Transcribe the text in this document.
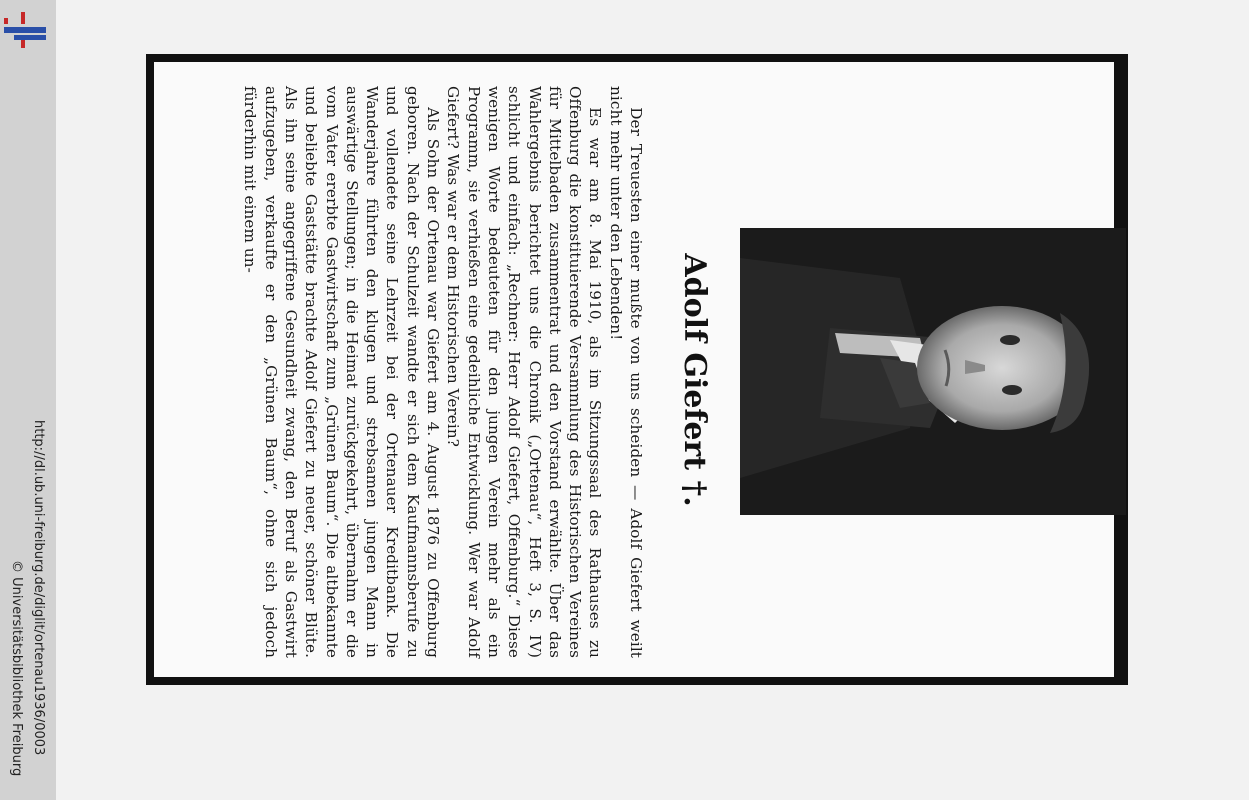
http://dl.ub.uni-freiburg.de/diglit/ortenau1936/0003
© Universitätsbibliothek Freiburg

Der Treuesten einer mußte von uns scheiden — Adolf Giefert weilt nicht mehr unter den Lebenden!

Es war am 8. Mai 1910, als im Sitzungssaal des Rathauses zu Offenburg die konstituierende Versammlung des Historischen Vereines für Mittelbaden zusammentrat und den Vorstand erwählte. Über das Wahlergebnis berichtet uns die Chronik („Ortenau“, Heft 3, S. IV) schlicht und einfach: „Rechner: Herr Adolf Giefert, Offenburg.“ Diese wenigen Worte bedeuteten für den jungen Verein mehr als ein Programm, sie verhießen eine gedeihliche Entwicklung. Wer war Adolf Giefert? Was war er dem Historischen Verein?

Als Sohn der Ortenau war Giefert am 4. August 1876 zu Offenburg geboren. Nach der Schulzeit wandte er sich dem Kaufmannsberufe zu und vollendete seine Lehrzeit bei der Ortenauer Kreditbank. Die Wanderjahre führten den klugen und strebsamen jungen Mann in auswärtige Stellungen; in die Heimat zurückgekehrt, übernahm er die vom Vater ererbte Gastwirtschaft zum „Grünen Baum“. Die altbekannte und beliebte Gaststätte brachte Adolf Giefert zu neuer, schöner Blüte. Als ihn seine angegriffene Gesundheit zwang, den Beruf als Gastwirt aufzugeben, verkaufte er den „Grünen Baum“, ohne sich jedoch fürderhin mit einem un-

Adolf Giefert †.
